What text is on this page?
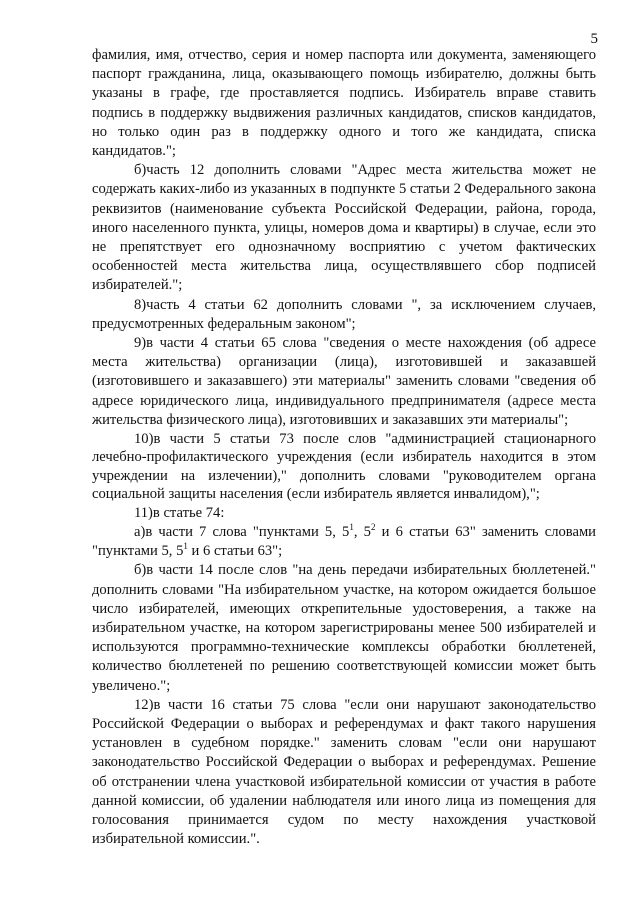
5

фамилия, имя, отчество, серия и номер паспорта или документа, заменяющего паспорт гражданина, лица, оказывающего помощь избирателю, должны быть указаны в графе, где проставляется подпись. Избиратель вправе ставить подпись в поддержку выдвижения различных кандидатов, списков кандидатов, но только один раз в поддержку одного и того же кандидата, списка кандидатов.";

б)часть 12 дополнить словами "Адрес места жительства может не содержать каких-либо из указанных в подпункте 5 статьи 2 Федерального закона реквизитов (наименование субъекта Российской Федерации, района, города, иного населенного пункта, улицы, номеров дома и квартиры) в случае, если это не препятствует его однозначному восприятию с учетом фактических особенностей места жительства лица, осуществлявшего сбор подписей избирателей.";

8)часть 4 статьи 62 дополнить словами ", за исключением случаев, предусмотренных федеральным законом";

9)в части 4 статьи 65 слова "сведения о месте нахождения (об адресе места жительства) организации (лица), изготовившей и заказавшей (изготовившего и заказавшего) эти материалы" заменить словами "сведения об адресе юридического лица, индивидуального предпринимателя (адресе места жительства физического лица), изготовивших и заказавших эти материалы";

10)в части 5 статьи 73 после слов "администрацией стационарного лечебно-профилактического учреждения (если избиратель находится в этом учреждении на излечении)," дополнить словами "руководителем органа социальной защиты населения (если избиратель является инвалидом),";

11)в статье 74:

а)в части 7 слова "пунктами 5, $5^1$, $5^2$ и 6 статьи 63" заменить словами "пунктами 5, $5^1$ и 6 статьи 63";

б)в части 14 после слов "на день передачи избирательных бюллетеней." дополнить словами "На избирательном участке, на котором ожидается большое число избирателей, имеющих открепительные удостоверения, а также на избирательном участке, на котором зарегистрированы менее 500 избирателей и используются программно-технические комплексы обработки бюллетеней, количество бюллетеней по решению соответствующей комиссии может быть увеличено.";

12)в части 16 статьи 75 слова "если они нарушают законодательство Российской Федерации о выборах и референдумах и факт такого нарушения установлен в судебном порядке." заменить словам "если они нарушают законодательство Российской Федерации о выборах и референдумах. Решение об отстранении члена участковой избирательной комиссии от участия в работе данной комиссии, об удалении наблюдателя или иного лица из помещения для голосования принимается судом по месту нахождения участковой избирательной комиссии.".
